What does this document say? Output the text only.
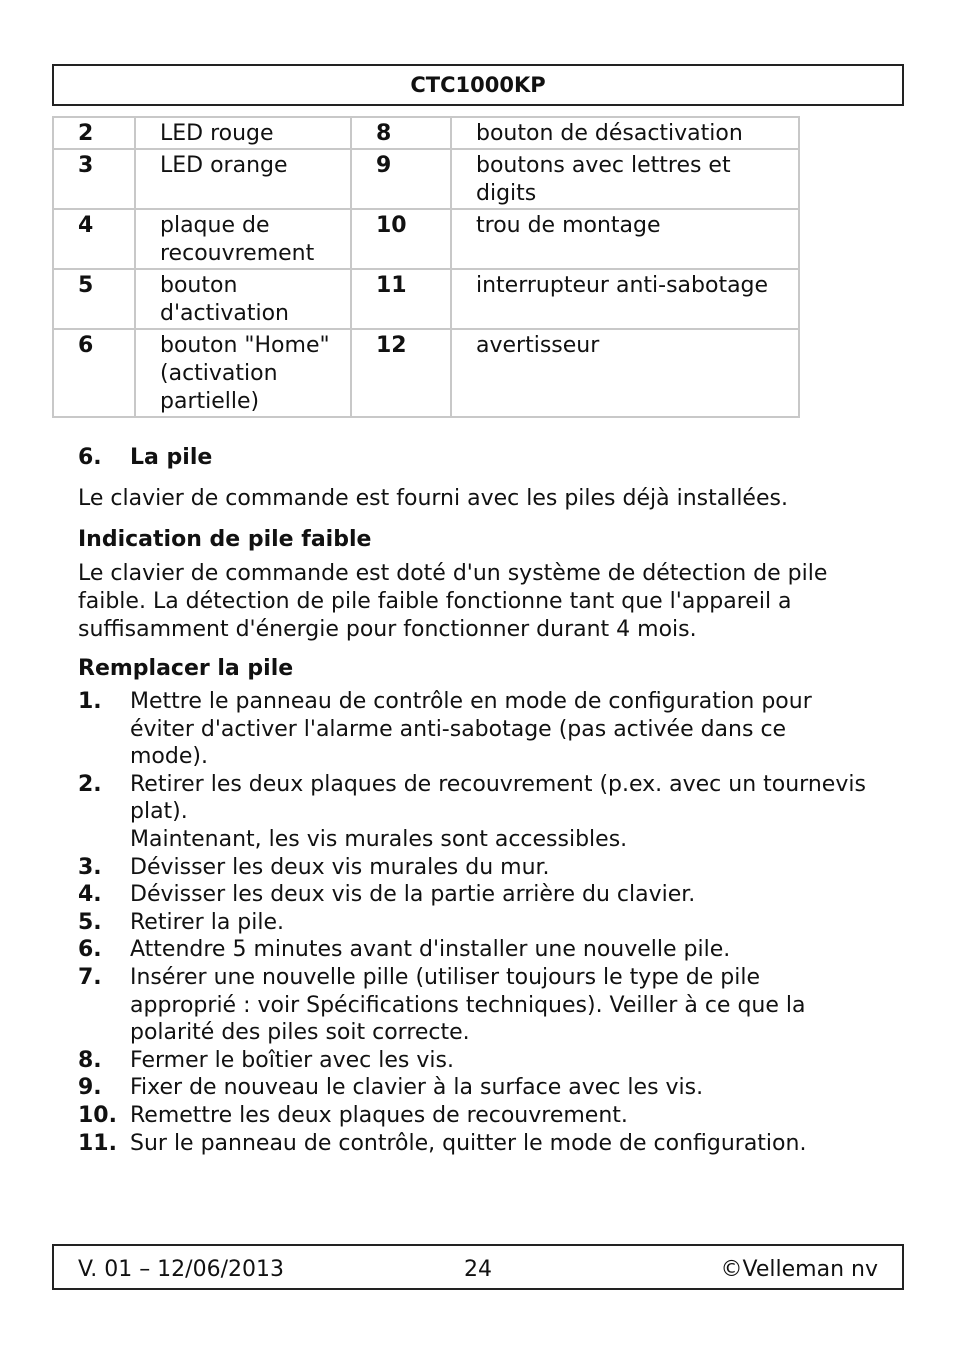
CTC1000KP
2	LED rouge	8	bouton de désactivation
3	LED orange	9	boutons avec lettres et digits
4	plaque de recouvrement	10	trou de montage
5	bouton d'activation	11	interrupteur anti-sabotage
6	bouton "Home" (activation partielle)	12	avertisseur
6. La pile
Le clavier de commande est fourni avec les piles déjà installées.
Indication de pile faible
Le clavier de commande est doté d'un système de détection de pile faible. La détection de pile faible fonctionne tant que l'appareil a suffisamment d'énergie pour fonctionner durant 4 mois.
Remplacer la pile
1.	Mettre le panneau de contrôle en mode de configuration pour éviter d'activer l'alarme anti-sabotage (pas activée dans ce mode).
2.	Retirer les deux plaques de recouvrement (p.ex. avec un tournevis plat).
Maintenant, les vis murales sont accessibles.
3.	Dévisser les deux vis murales du mur.
4.	Dévisser les deux vis de la partie arrière du clavier.
5.	Retirer la pile.
6.	Attendre 5 minutes avant d'installer une nouvelle pile.
7.	Insérer une nouvelle pille (utiliser toujours le type de pile approprié : voir Spécifications techniques). Veiller à ce que la polarité des piles soit correcte.
8.	Fermer le boîtier avec les vis.
9.	Fixer de nouveau le clavier à la surface avec les vis.
10. Remettre les deux plaques de recouvrement.
11. Sur le panneau de contrôle, quitter le mode de configuration.
V. 01 – 12/06/2013	24	©Velleman nv
